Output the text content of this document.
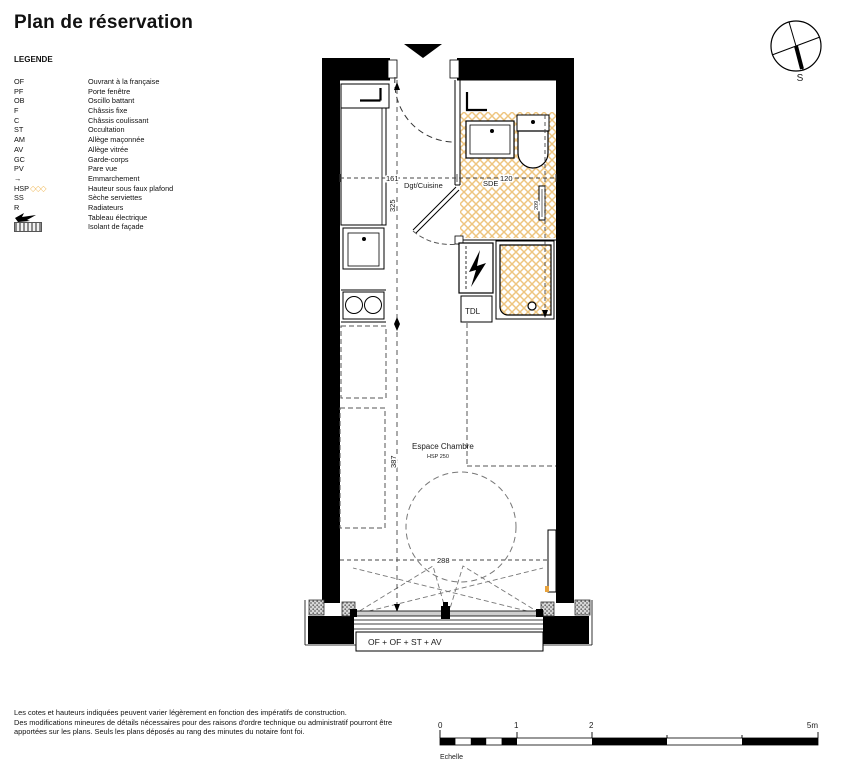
Dgt/Cuisine	SDE
161	120
325
387
209
288
Espace Chambre
HSP 250
TDL
OF + OF + ST + AV
S
0	1	2	5m
Echelle
Plan de réservation
LEGENDE
OF	Ouvrant à la française
PF	Porte fenêtre
OB	Oscillo battant
F	Châssis fixe
C	Châssis coulissant
ST	Occultation
AM	Allège maçonnée
AV	Allège vitrée
GC	Garde-corps
PV	Pare vue
→	Emmarchement
HSP ◇◇◇	Hauteur sous faux plafond
SS	Sèche serviettes
R	Radiateurs
Tableau électrique
Isolant de façade
Les cotes et hauteurs indiquées peuvent varier légèrement en fonction des impératifs de construction.
Des modifications mineures de détails nécessaires pour des raisons d'ordre technique ou administratif pourront être
apportées sur les plans. Seuls les plans déposés au rang des minutes du notaire font foi.
